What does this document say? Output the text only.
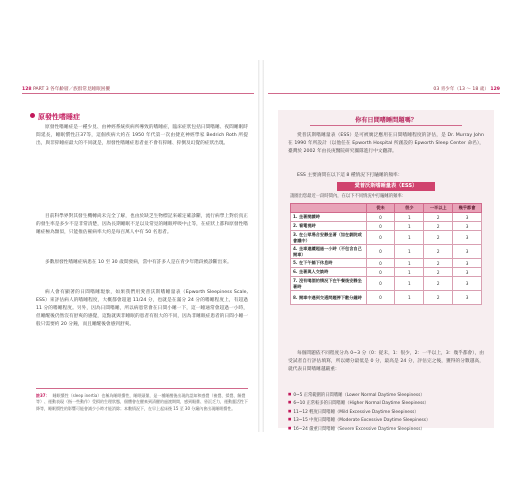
128 PART 3 各年齡層／族群常見睡眠困擾
原發性嗜睡症

原發性嗜睡症是一種少見、由神經系統疾病所導致的嗜睡症，臨床症狀包括日間嗜睡、夜間睡眠時間延長，睡眠慣性註37等，這個疾病大約在 1950 年代第一次由捷克神經學家 Bedrich Roth 所提出，與非猝睡症最大的不同就是，原發性嗜睡症患者並不會有猝睡、猝倒及幻覺的症狀出現。

目前科學界對其發生機轉尚未完全了解，也由於缺乏生物標記來確定確診斷，流行病學上對於真正的發生率是多少不是非常清楚，因為長期睡眠不足以及常見的睡眠呼吸中止等，在症狀上都和原發性嗜睡症極為類似，只能推估罹病率大約是每百萬人中有 50 名患者。

多數原發性嗜睡症病患在 10 至 30 歲間發病，當中有許多人是在青少年階段被診斷出來。

病人會有顯著的日間嗜睡現象，如果我們用愛普沃斯嗜睡量表（Epworth Sleepiness Scale, ESS）來評估病人的嗜睡程度，大概都會超過 11/24 分，也就是在滿分 24 分的嗜睡程度上，有超過 11 分的嗜睡程度。另外，因為日間嗜睡，所以病患常會在日間小睡一下，這一睡通常會超過一小時，但睡醒後仍然沒有舒爽的感覺，這點就與非睡眠的患者有很大的不同，因為非睡眠症患者的日間小睡一般只需要約 20 分鐘，而且睡醒後會感到舒爽。

註37： 睡眠慣性（sleep inertia）也稱為睡眠慣性，睡眠頭暈，是一種睡醒後出現的認知和感覺（複覺、揉覺、解覺等）、運動表現（指一些動作）受損的生理狀態，個體會在醒來到清醒的過渡期間，感到眼暈、昏沉乏力，運動靈活性下降等，睡眠慣性的影響可能會減少小時才能消除；本數情況下，在早上起床後 15 至 30 分鐘內會出現睡眠慣性。
03 青少年（13 ～ 18 歲） 129
你有日間嗜睡問題嗎？

愛普沃斯嗜睡量表（ESS）是可被廣泛應用在日間嗜睡程度的評估，是 Dr. Murray John 在 1990 年所設計（以他任在 Epworth Hospital 所創設的 Epworth Sleep Center 命名），臺灣於 2002 年由長庚醫院研究團隊進行中文翻譯。

ESS 主要詢問在以下這 8 種情況下打瞌睡的頻率：

愛普沃斯嗜睡量表（ESS）
請圈出您最近一段時間內，在以下不同情況中打瞌睡的頻率：
	從未	很少	一半以上	幾乎都會
1. 坐著閱讀時	0	1	2	3
2. 看電視時	0	1	2	3
3. 在公眾場合安靜坐著（如在劇院或會議中）	0	1	2	3
4. 坐車連續超過一小時（不包含自己開車）	0	1	2	3
5. 在下午躺下休息時	0	1	2	3
6. 坐著與人交談時	0	1	2	3
7. 沒有喝酒的情況下在午餐後安靜坐著時	0	1	2	3
8. 開車中遇到交通問題停下數分鐘時	0	1	2	3

每個問題依不同程度分為 0~3 分（0：從未，1：很少，2：一半以上，3：幾乎都會），由受試者自行評估填寫，所以總分最低是 0 分，最高是 24 分，評估完之後，獲得的分數越高，就代表日間嗜睡越嚴重：

■ 0~5 正常範圍的日間嗜睡（Lower Normal Daytime Sleepiness）
■ 6~10 正常較多的日間嗜睡（Higher Normal Daytime Sleepiness）
■ 11~12 輕度日間嗜睡（Mild Excessive Daytime Sleepiness）
■ 13~15 中度日間嗜睡（Moderate Excessive Daytime Sleepiness）
■ 16~24 嚴重日間嗜睡（Severe Excessive Daytime Sleepiness）
